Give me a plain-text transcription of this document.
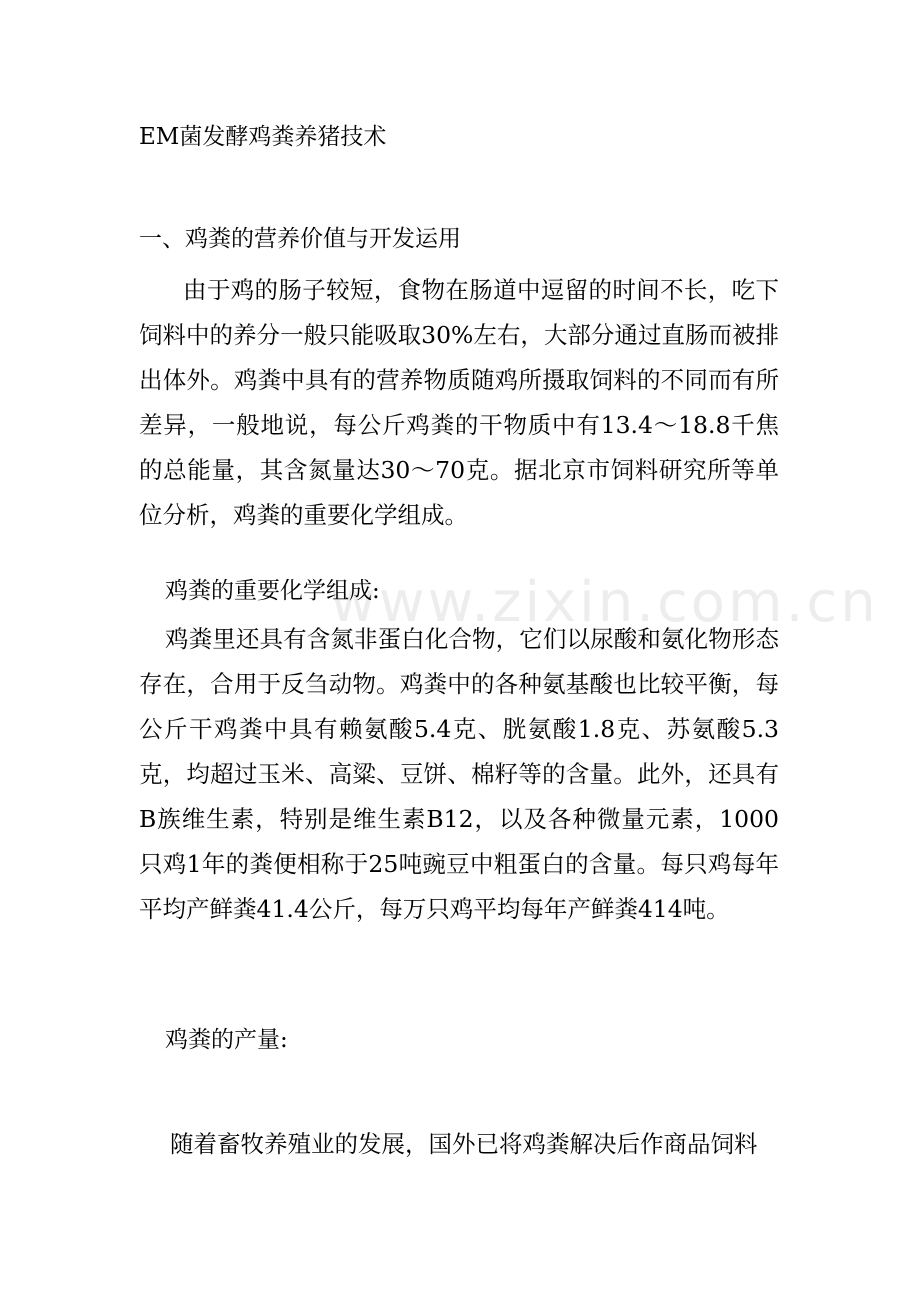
www.zixin.com.cn
EM菌发酵鸡粪养猪技术
一、鸡粪的营养价值与开发运用

由于鸡的肠子较短，食物在肠道中逗留的时间不长，吃下饲料中的养分一般只能吸取30%左右，大部分通过直肠而被排出体外。鸡粪中具有的营养物质随鸡所摄取饲料的不同而有所差异，一般地说，每公斤鸡粪的干物质中有13.4～18.8千焦的总能量，其含氮量达30～70克。据北京市饲料研究所等单位分析，鸡粪的重要化学组成。

鸡粪的重要化学组成:

鸡粪里还具有含氮非蛋白化合物，它们以尿酸和氨化物形态存在，合用于反刍动物。鸡粪中的各种氨基酸也比较平衡，每公斤干鸡粪中具有赖氨酸5.4克、胱氨酸1.8克、苏氨酸5.3克，均超过玉米、高粱、豆饼、棉籽等的含量。此外，还具有B族维生素，特别是维生素B12，以及各种微量元素，1000只鸡1年的粪便相称于25吨豌豆中粗蛋白的含量。每只鸡每年平均产鲜粪41.4公斤，每万只鸡平均每年产鲜粪414吨。

鸡粪的产量:

随着畜牧养殖业的发展，国外已将鸡粪解决后作商品饲料
